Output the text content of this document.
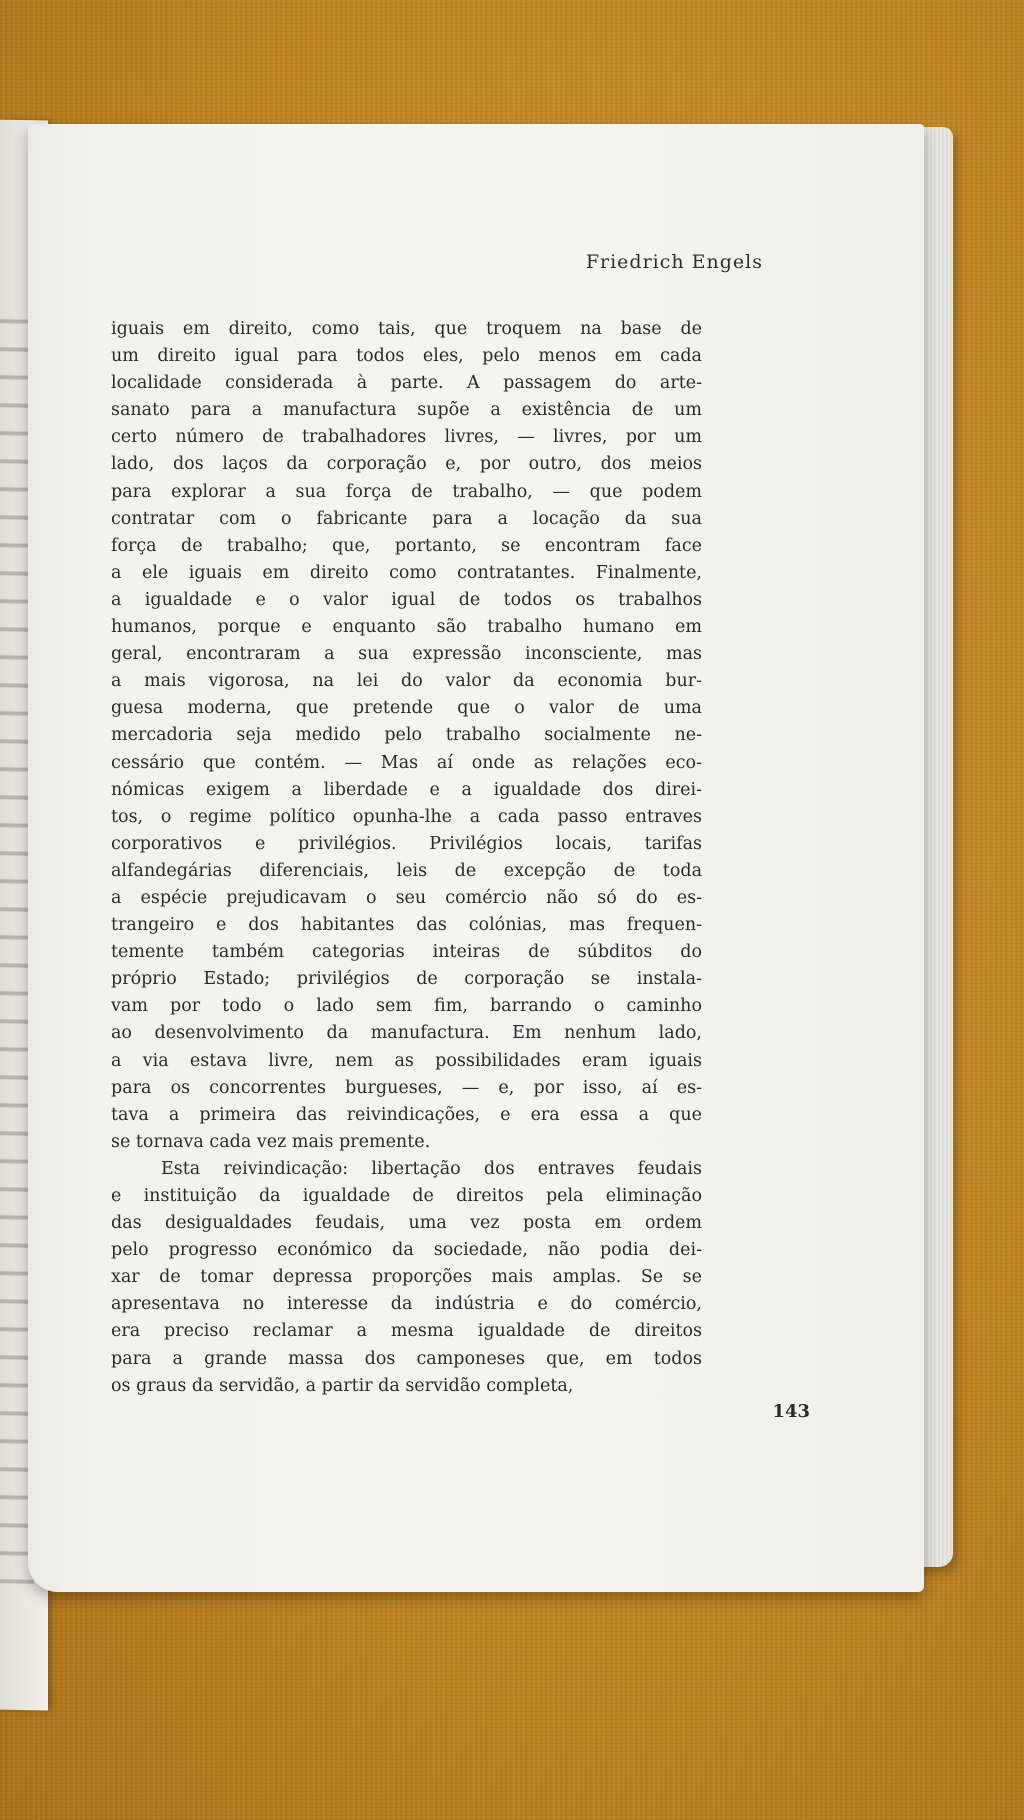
Friedrich Engels
iguais em direito, como tais, que troquem na base de
um direito igual para todos eles, pelo menos em cada
localidade considerada à parte. A passagem do arte-
sanato para a manufactura supõe a existência de um
certo número de trabalhadores livres, — livres, por um
lado, dos laços da corporação e, por outro, dos meios
para explorar a sua força de trabalho, — que podem
contratar com o fabricante para a locação da sua
força de trabalho; que, portanto, se encontram face
a ele iguais em direito como contratantes. Finalmente,
a igualdade e o valor igual de todos os trabalhos
humanos, porque e enquanto são trabalho humano em
geral, encontraram a sua expressão inconsciente, mas
a mais vigorosa, na lei do valor da economia bur-
guesa moderna, que pretende que o valor de uma
mercadoria seja medido pelo trabalho socialmente ne-
cessário que contém. — Mas aí onde as relações eco-
nómicas exigem a liberdade e a igualdade dos direi-
tos, o regime político opunha-lhe a cada passo entraves
corporativos e privilégios. Privilégios locais, tarifas
alfandegárias diferenciais, leis de excepção de toda
a espécie prejudicavam o seu comércio não só do es-
trangeiro e dos habitantes das colónias, mas frequen-
temente também categorias inteiras de súbditos do
próprio Estado; privilégios de corporação se instala-
vam por todo o lado sem fim, barrando o caminho
ao desenvolvimento da manufactura. Em nenhum lado,
a via estava livre, nem as possibilidades eram iguais
para os concorrentes burgueses, — e, por isso, aí es-
tava a primeira das reivindicações, e era essa a que
se tornava cada vez mais premente.
Esta reivindicação: libertação dos entraves feudais
e instituição da igualdade de direitos pela eliminação
das desigualdades feudais, uma vez posta em ordem
pelo progresso económico da sociedade, não podia dei-
xar de tomar depressa proporções mais amplas. Se se
apresentava no interesse da indústria e do comércio,
era preciso reclamar a mesma igualdade de direitos
para a grande massa dos camponeses que, em todos
os graus da servidão, a partir da servidão completa,
143
